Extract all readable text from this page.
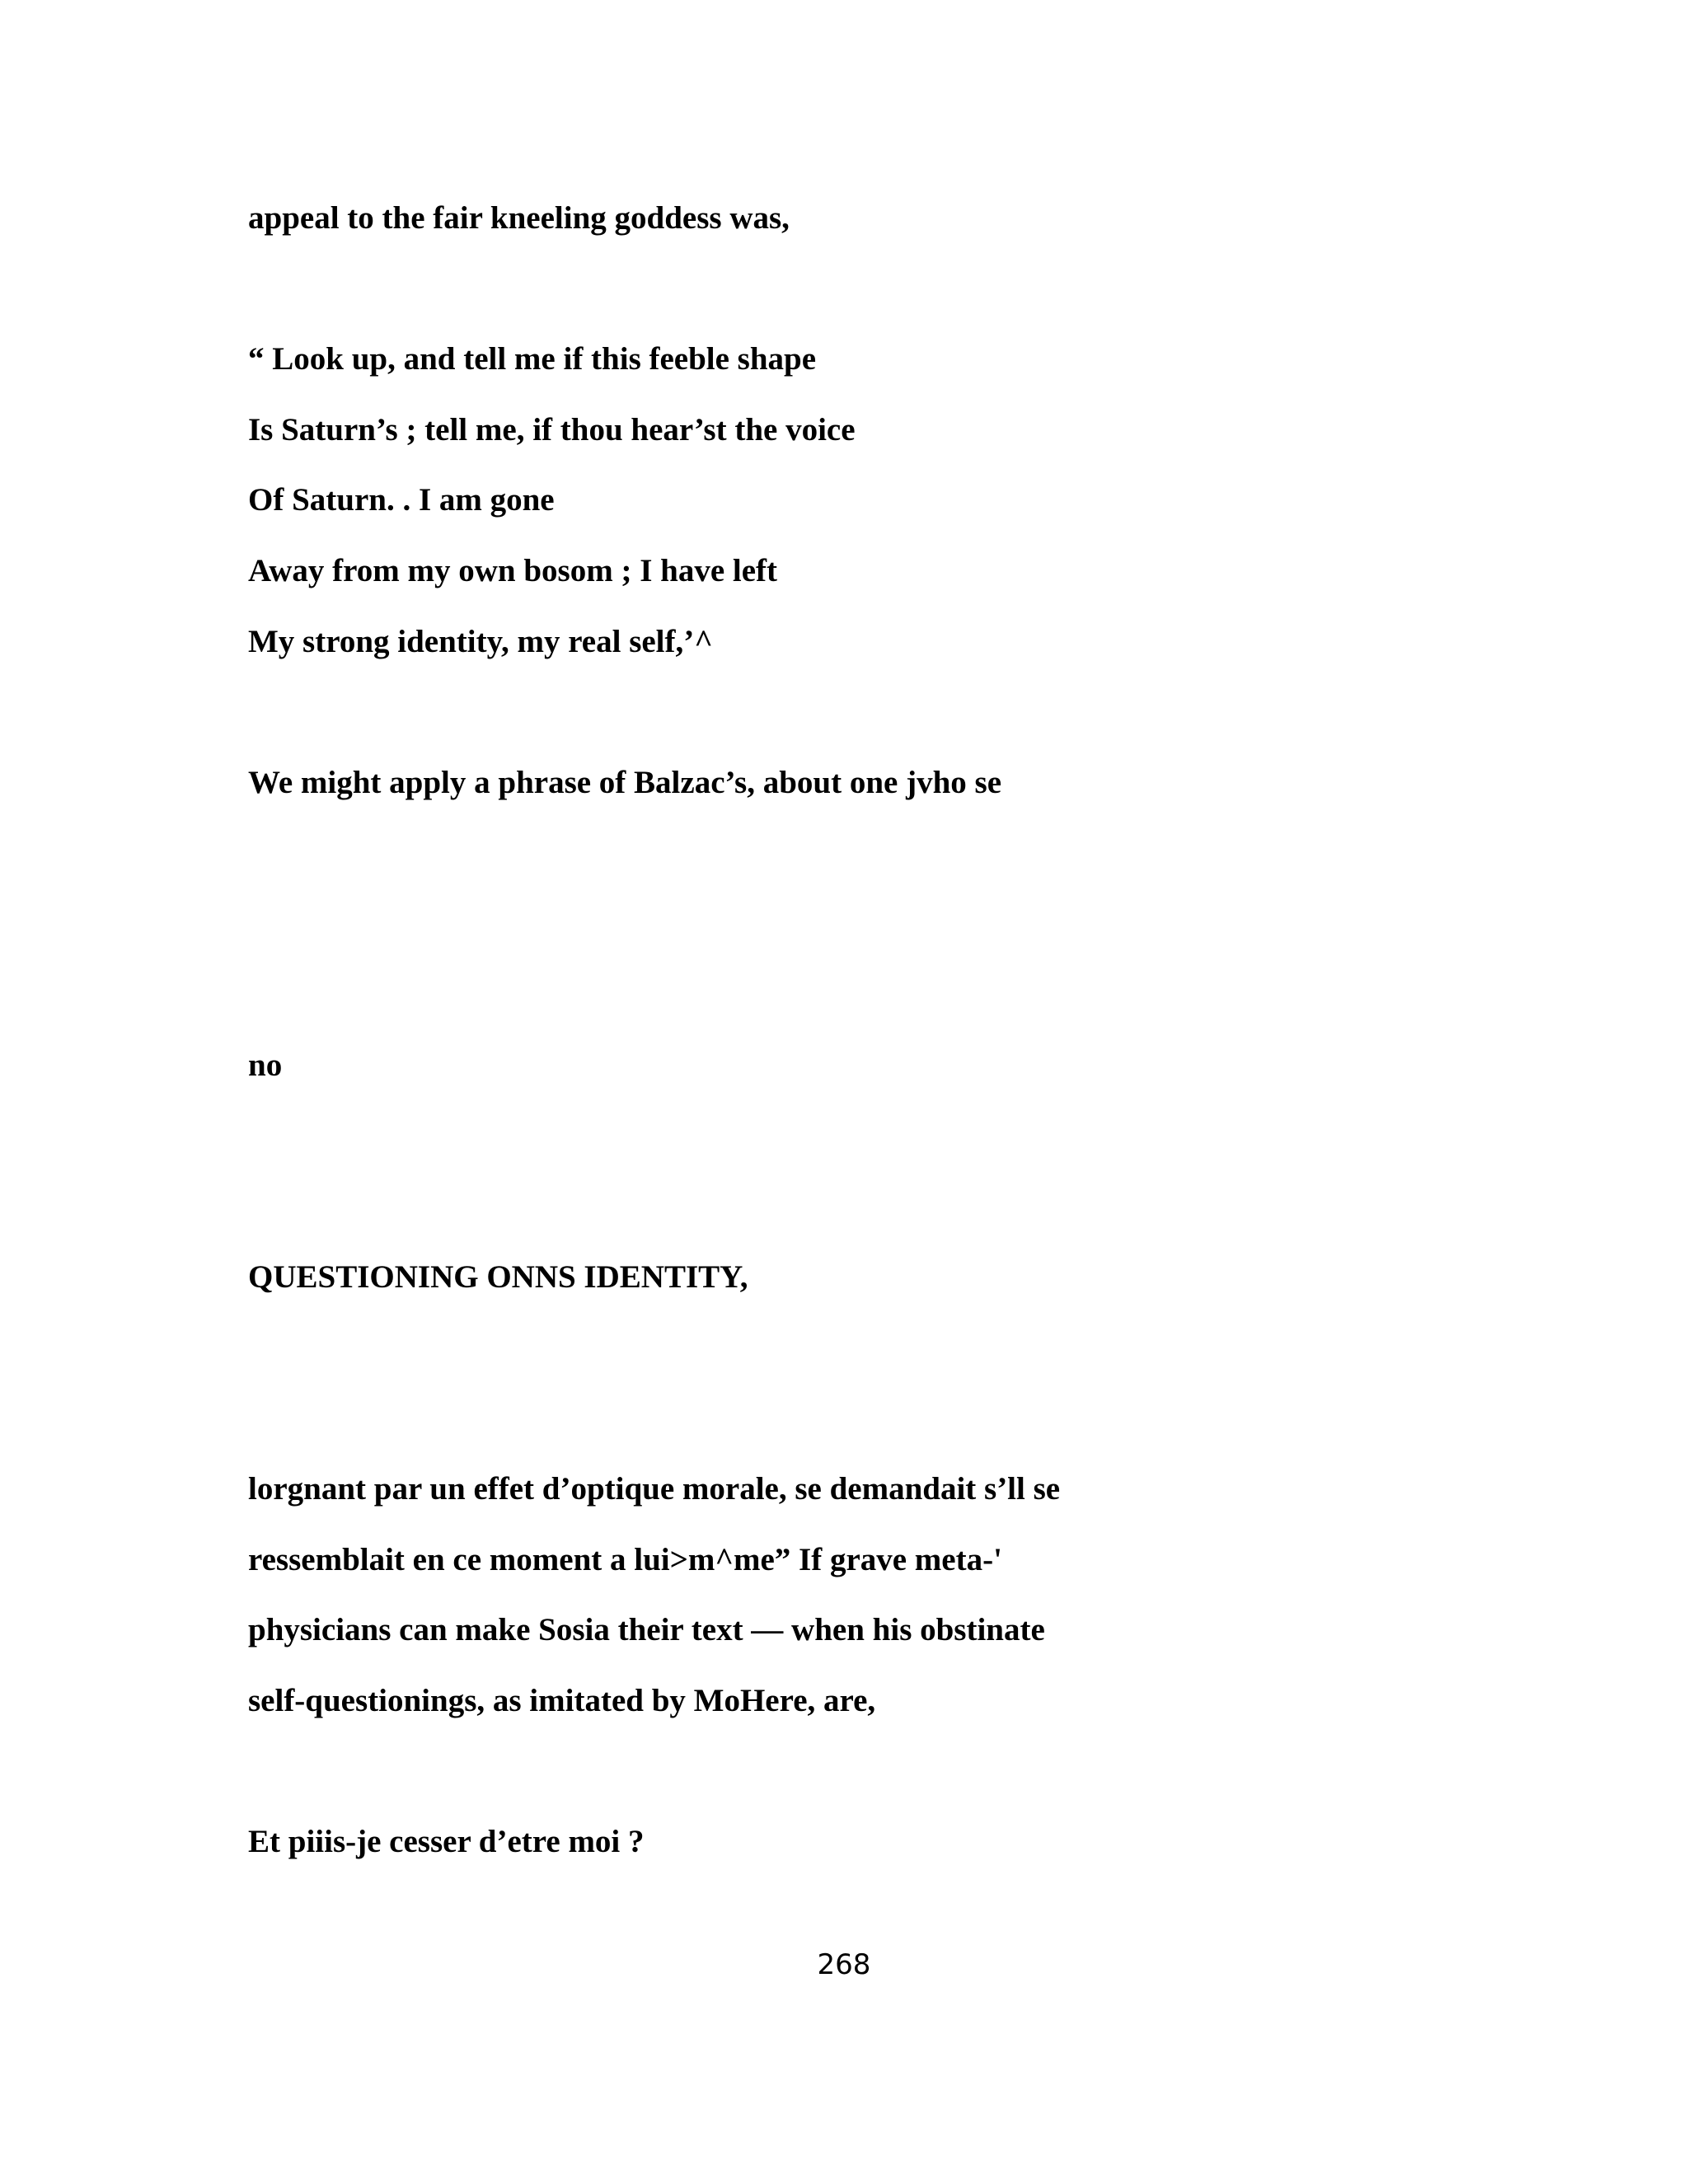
appeal to the fair kneeling goddess was,

“ Look up, and tell me if this feeble shape

Is Saturn’s ; tell me, if thou hear’st the voice

Of Saturn. . I am gone

Away from my own bosom ; I have left

My strong identity, my real self,’^

We might apply a phrase of Balzac’s, about one jvho se

no

QUESTIONING ONNS IDENTITY,

lorgnant par un effet d’optique morale, se demandait s’ll se

ressemblait en ce moment a lui>m^me” If grave meta-'

physicians can make Sosia their text — when his obstinate

self-questionings, as imitated by MoHere, are,

Et piiis-je cesser d’etre moi ?

268
